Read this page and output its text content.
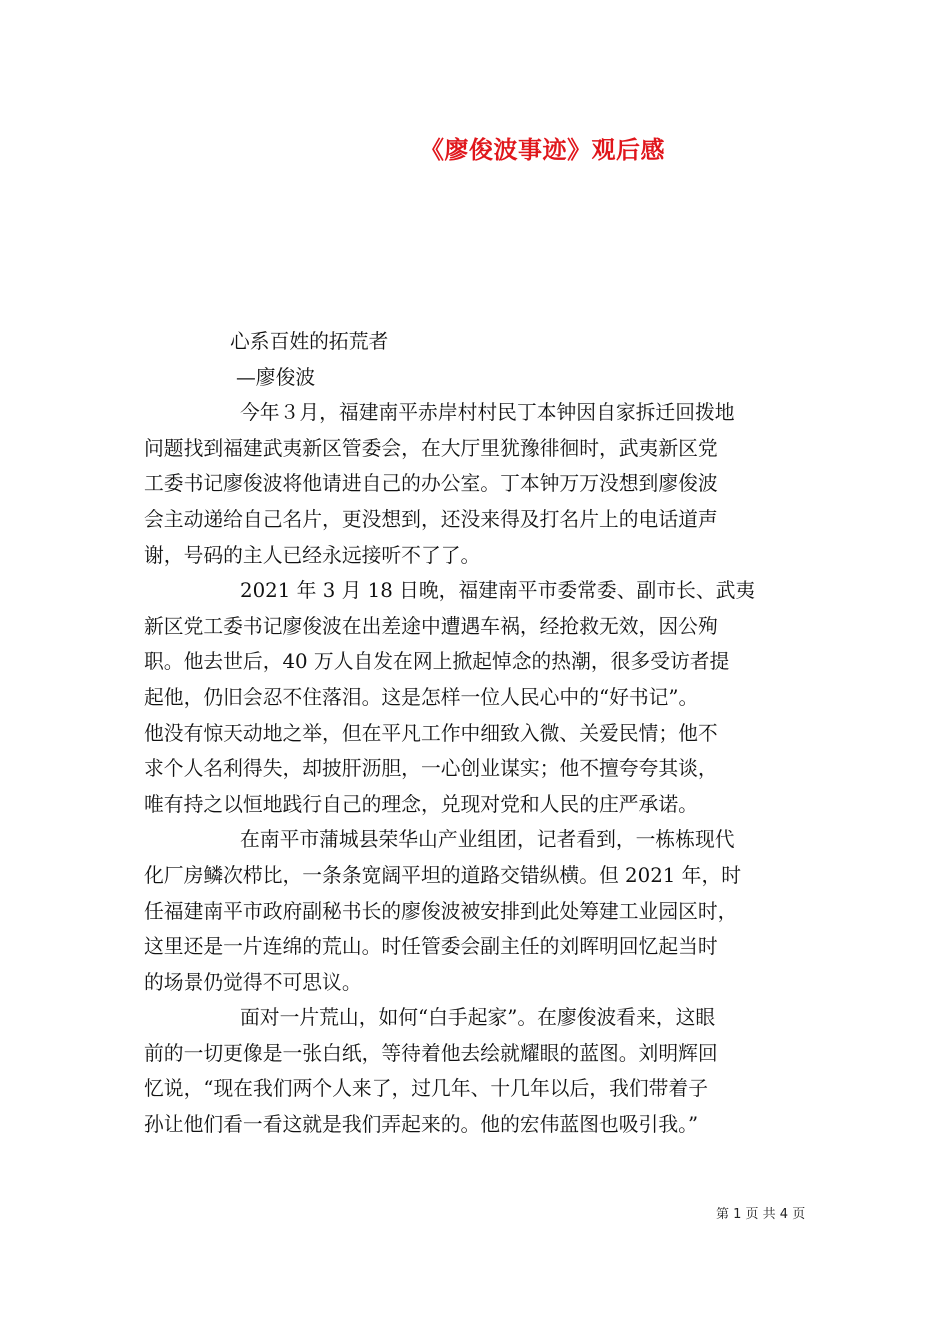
《廖俊波事迹》观后感
心系百姓的拓荒者
—廖俊波
今年３月，福建南平赤岸村村民丁本钟因自家拆迁回拨地
问题找到福建武夷新区管委会，在大厅里犹豫徘徊时，武夷新区党
工委书记廖俊波将他请进自己的办公室。丁本钟万万没想到廖俊波
会主动递给自己名片，更没想到，还没来得及打名片上的电话道声
谢，号码的主人已经永远接听不了了。
2021 年 3 月 18 日晚，福建南平市委常委、副市长、武夷
新区党工委书记廖俊波在出差途中遭遇车祸，经抢救无效，因公殉
职。他去世后，40 万人自发在网上掀起悼念的热潮，很多受访者提
起他，仍旧会忍不住落泪。这是怎样一位人民心中的“好书记”。
他没有惊天动地之举，但在平凡工作中细致入微、关爱民情；他不
求个人名利得失，却披肝沥胆，一心创业谋实；他不擅夸夸其谈，
唯有持之以恒地践行自己的理念，兑现对党和人民的庄严承诺。
在南平市蒲城县荣华山产业组团，记者看到，一栋栋现代
化厂房鳞次栉比，一条条宽阔平坦的道路交错纵横。但 2021 年，时
任福建南平市政府副秘书长的廖俊波被安排到此处筹建工业园区时，
这里还是一片连绵的荒山。时任管委会副主任的刘晖明回忆起当时
的场景仍觉得不可思议。
面对一片荒山，如何“白手起家”。在廖俊波看来，这眼
前的一切更像是一张白纸，等待着他去绘就耀眼的蓝图。刘明辉回
忆说，“现在我们两个人来了，过几年、十几年以后，我们带着子
孙让他们看一看这就是我们弄起来的。他的宏伟蓝图也吸引我。”
第 1 页 共 4 页
